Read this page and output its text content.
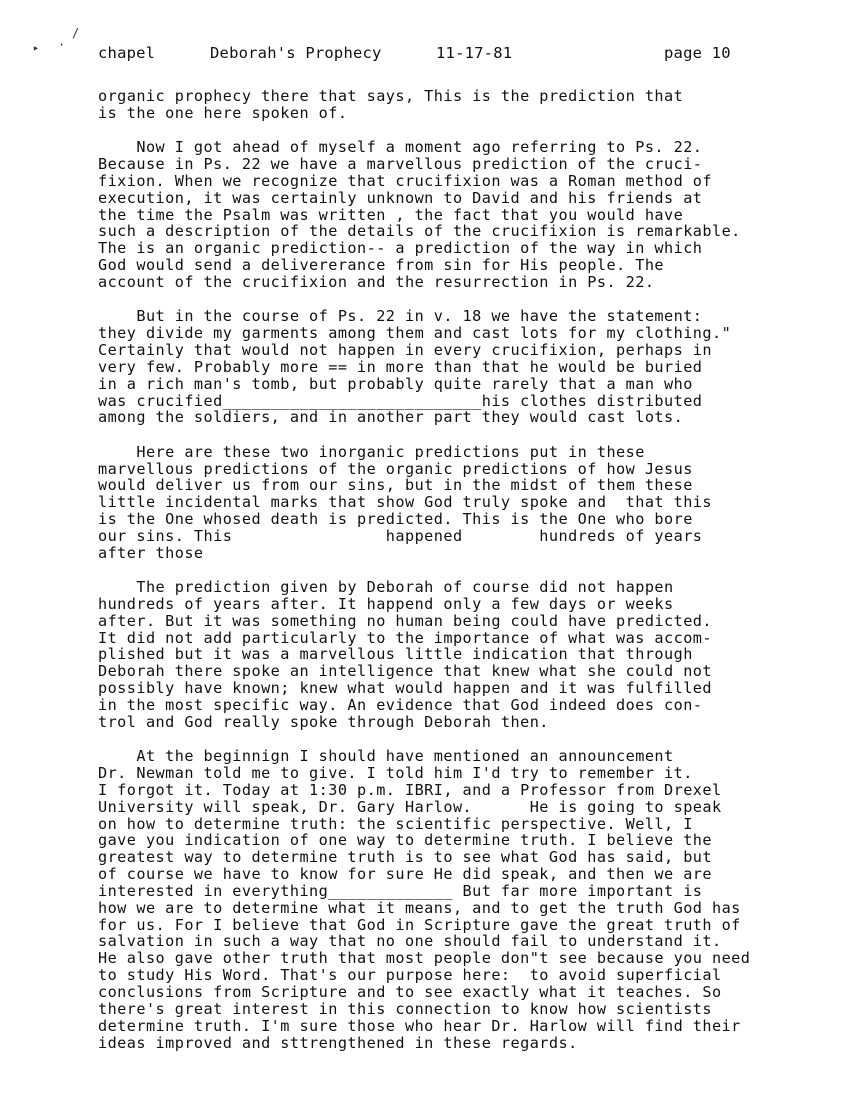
‣ ·
/
chapel	Deborah's Prophecy	11-17-81	page 10
organic prophecy there that says, This is the prediction that
is the one here spoken of.
Now I got ahead of myself a moment ago referring to Ps. 22.
Because in Ps. 22 we have a marvellous prediction of the cruci-
fixion. When we recognize that crucifixion was a Roman method of
execution, it was certainly unknown to David and his friends at
the time the Psalm was written , the fact that you would have
such a description of the details of the crucifixion is remarkable.
The is an organic prediction-- a prediction of the way in which
God would send a delivererance from sin for His people. The
account of the crucifixion and the resurrection in Ps. 22.
But in the course of Ps. 22 in v. 18 we have the statement:
they divide my garments among them and cast lots for my clothing."
Certainly that would not happen in every crucifixion, perhaps in
very few. Probably more == in more than that he would be buried
in a rich man's tomb, but probably quite rarely that a man who
was crucified___________________________his clothes distributed
among the soldiers, and in another part they would cast lots.
Here are these two inorganic predictions put in these
marvellous predictions of the organic predictions of how Jesus
would deliver us from our sins, but in the midst of them these
little incidental marks that show God truly spoke and  that this
is the One whosed death is predicted. This is the One who bore
our sins. This                happened        hundreds of years
after those
The prediction given by Deborah of course did not happen
hundreds of years after. It happend only a few days or weeks
after. But it was something no human being could have predicted.
It did not add particularly to the importance of what was accom-
plished but it was a marvellous little indication that through
Deborah there spoke an intelligence that knew what she could not
possibly have known; knew what would happen and it was fulfilled
in the most specific way. An evidence that God indeed does con-
trol and God really spoke through Deborah then.
At the beginnign I should have mentioned an announcement
Dr. Newman told me to give. I told him I'd try to remember it.
I forgot it. Today at 1:30 p.m. IBRI, and a Professor from Drexel
University will speak, Dr. Gary Harlow.      He is going to speak
on how to determine truth: the scientific perspective. Well, I
gave you indication of one way to determine truth. I believe the
greatest way to determine truth is to see what God has said, but
of course we have to know for sure He did speak, and then we are
interested in everything_____________ But far more important is
how we are to determine what it means, and to get the truth God has
for us. For I believe that God in Scripture gave the great truth of
salvation in such a way that no one should fail to understand it.
He also gave other truth that most people don"t see because you need
to study His Word. That's our purpose here:  to avoid superficial
conclusions from Scripture and to see exactly what it teaches. So
there's great interest in this connection to know how scientists
determine truth. I'm sure those who hear Dr. Harlow will find their
ideas improved and sttrengthened in these regards.
